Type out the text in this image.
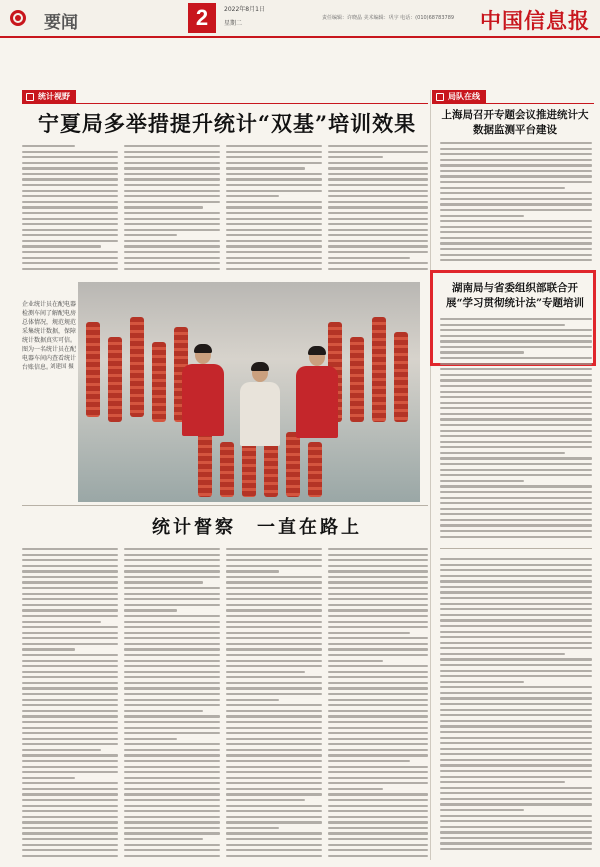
要闻	2	2022年8月1日
星期二
责任编辑：许晓晶 美术编辑：巩宇 电话：(010)68783789 中国信息报
统计视野	局队在线
宁夏局多举措提升统计“双基”培训效果
企业统计员在配电器检测车间了解配电房总体情况，规范规范采集统计数据，保障统计数据真实可信。图为一名统计员在配电器车间内查看统计台账信息。
刘建国 摄
统计督察　一直在路上
上海局召开专题会议推进统计大数据监测平台建设
湖南局与省委组织部联合开展“学习贯彻统计法”专题培训
